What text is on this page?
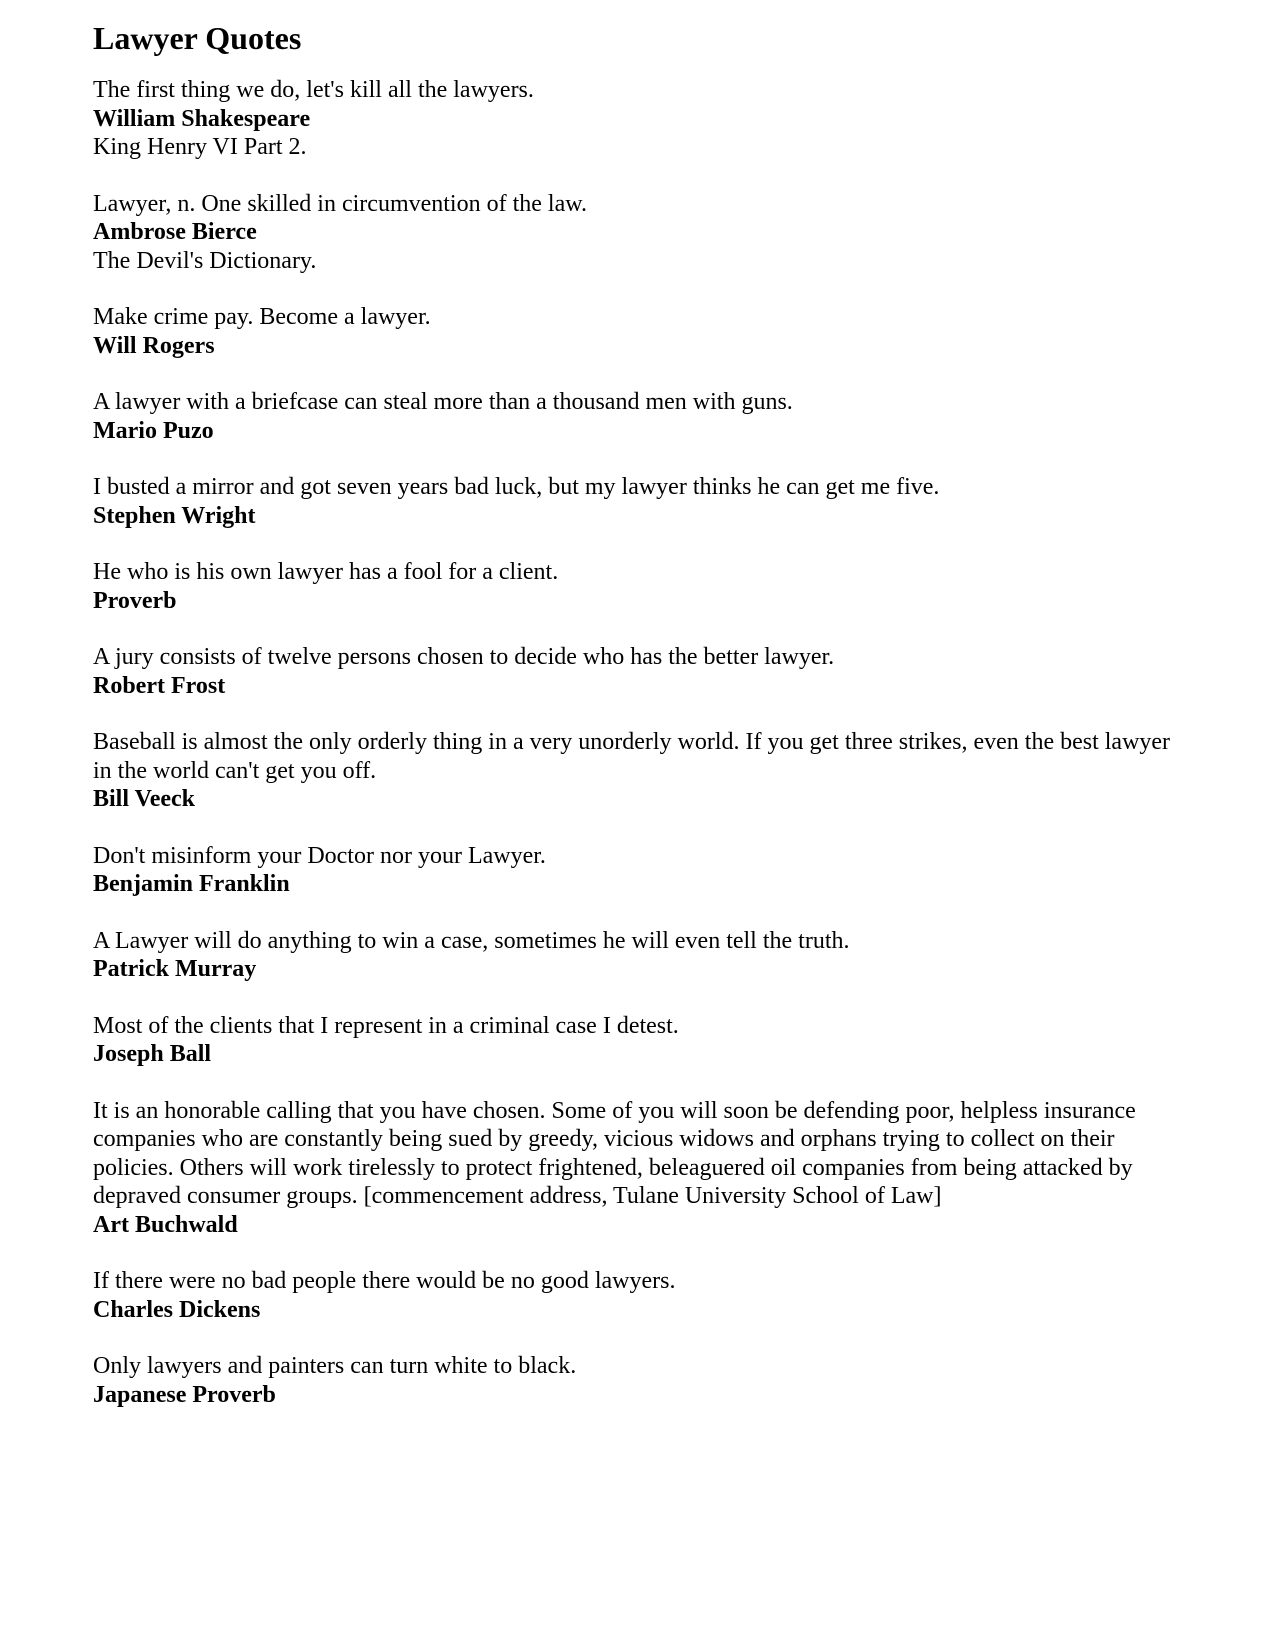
Lawyer Quotes

The first thing we do, let's kill all the lawyers.

William Shakespeare

King Henry VI Part 2.

Lawyer, n. One skilled in circumvention of the law.

Ambrose Bierce

The Devil's Dictionary.

Make crime pay. Become a lawyer.

Will Rogers

A lawyer with a briefcase can steal more than a thousand men with guns.

Mario Puzo

I busted a mirror and got seven years bad luck, but my lawyer thinks he can get me five.

Stephen Wright

He who is his own lawyer has a fool for a client.

Proverb

A jury consists of twelve persons chosen to decide who has the better lawyer.

Robert Frost

Baseball is almost the only orderly thing in a very unorderly world. If you get three strikes, even the best lawyer in the world can't get you off.

Bill Veeck

Don't misinform your Doctor nor your Lawyer.

Benjamin Franklin

A Lawyer will do anything to win a case, sometimes he will even tell the truth.

Patrick Murray

Most of the clients that I represent in a criminal case I detest.

Joseph Ball

It is an honorable calling that you have chosen. Some of you will soon be defending poor, helpless insurance companies who are constantly being sued by greedy, vicious widows and orphans trying to collect on their policies. Others will work tirelessly to protect frightened, beleaguered oil companies from being attacked by depraved consumer groups. [commencement address, Tulane University School of Law]

Art Buchwald

If there were no bad people there would be no good lawyers.

Charles Dickens

Only lawyers and painters can turn white to black.

Japanese Proverb
